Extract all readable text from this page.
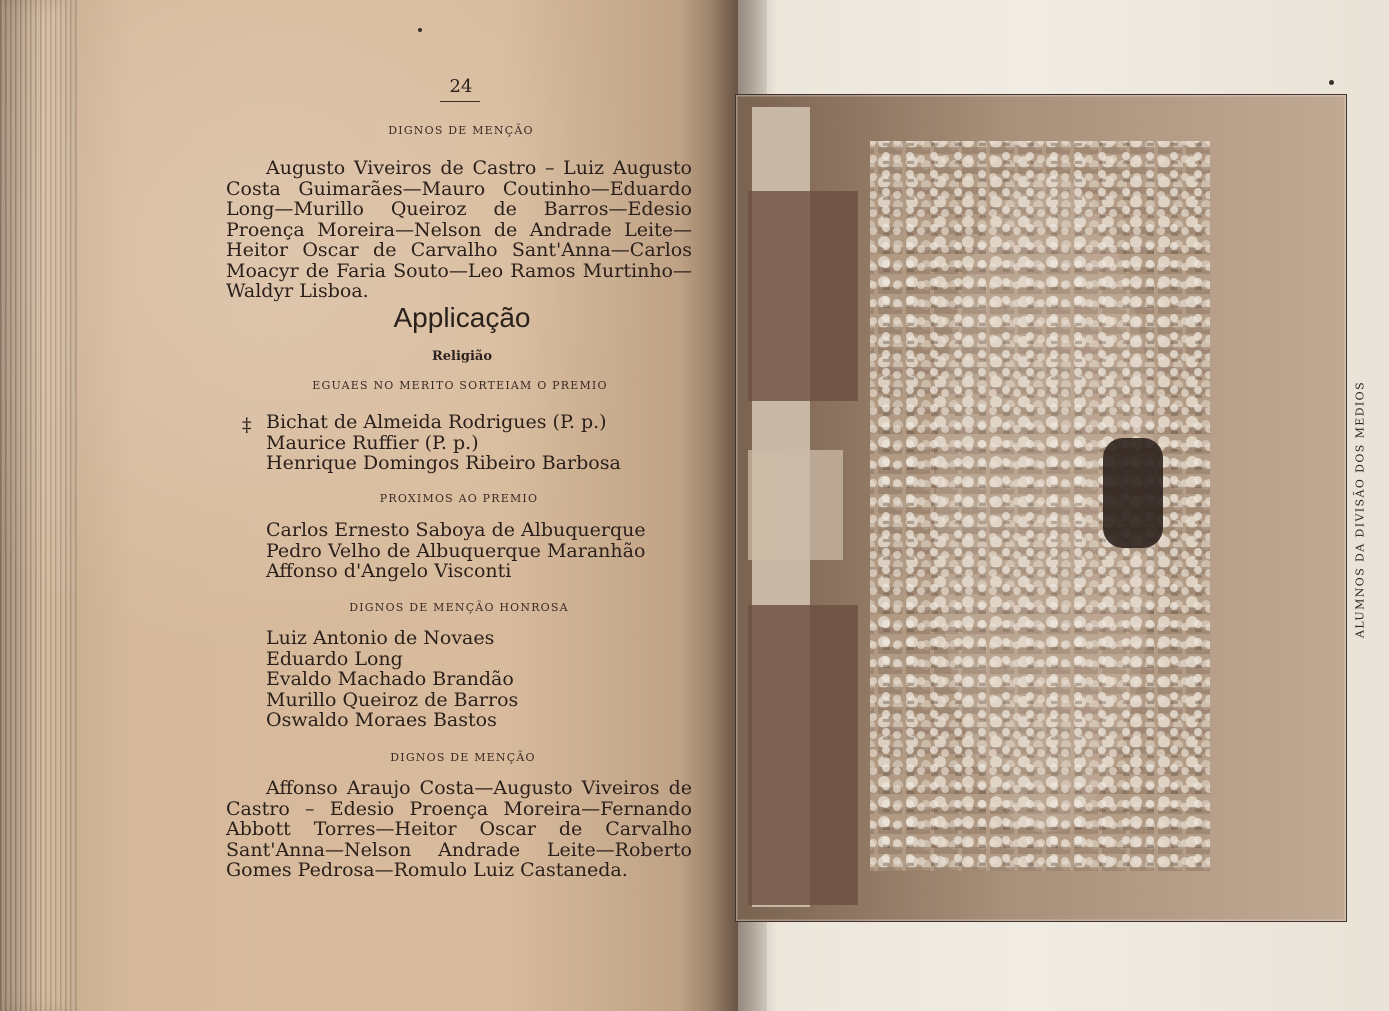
24
DIGNOS DE MENÇÃO
Augusto Viveiros de Castro – Luiz Augusto Costa Guimarães—Mauro Coutinho—Eduardo Long—Murillo Queiroz de Barros—Edesio Proença Moreira—Nelson de Andrade Leite—Heitor Oscar de Carvalho Sant'Anna—Carlos Moacyr de Faria Souto—Leo Ramos Murtinho—Waldyr Lisboa.
Applicação
Religião
EGUAES NO MERITO SORTEIAM O PREMIO
‡ Bichat de Almeida Rodrigues (P. p.)
Maurice Ruffier (P. p.)
Henrique Domingos Ribeiro Barbosa
PROXIMOS AO PREMIO
Carlos Ernesto Saboya de Albuquerque
Pedro Velho de Albuquerque Maranhão
Affonso d'Angelo Visconti
DIGNOS DE MENÇÃO HONROSA
Luiz Antonio de Novaes
Eduardo Long
Evaldo Machado Brandão
Murillo Queiroz de Barros
Oswaldo Moraes Bastos
DIGNOS DE MENÇÃO
Affonso Araujo Costa—Augusto Viveiros de Castro – Edesio Proença Moreira—Fernando Abbott Torres—Heitor Oscar de Carvalho Sant'Anna—Nelson Andrade Leite—Roberto Gomes Pedrosa—Romulo Luiz Castaneda.
ALUMNOS DA DIVISÃO DOS MEDIOS
